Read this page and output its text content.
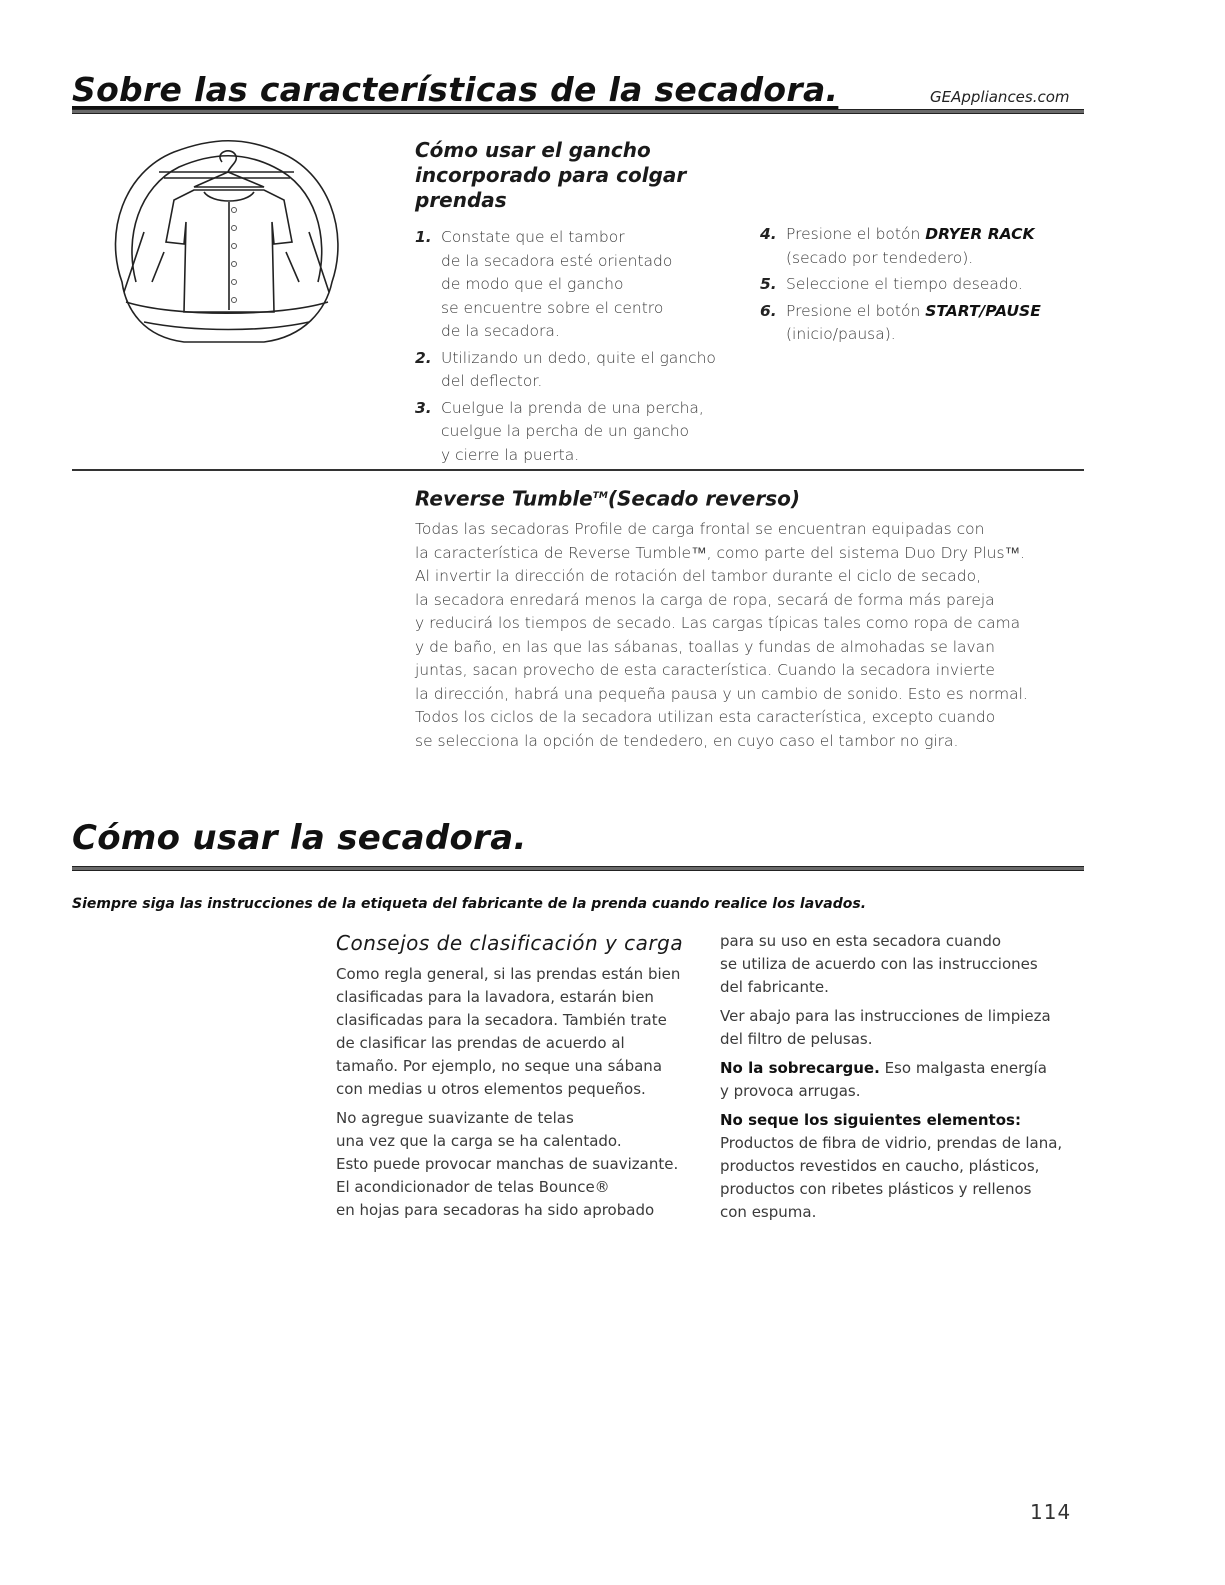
Sobre las características de la secadora.	GEAppliances.com
Cómo usar el gancho
incorporado para colgar
prendas
1. Constate que el tambor
de la secadora esté orientado
de modo que el gancho
se encuentre sobre el centro
de la secadora.
2. Utilizando un dedo, quite el gancho
del deflector.
3. Cuelgue la prenda de una percha,
cuelgue la percha de un gancho
y cierre la puerta.
4. Presione el botón DRYER RACK
(secado por tendedero).
5. Seleccione el tiempo deseado.
6. Presione el botón START/PAUSE
(inicio/pausa).
Reverse Tumble™(Secado reverso)
Todas las secadoras Profile de carga frontal se encuentran equipadas con
la característica de Reverse Tumble™, como parte del sistema Duo Dry Plus™.
Al invertir la dirección de rotación del tambor durante el ciclo de secado,
la secadora enredará menos la carga de ropa, secará de forma más pareja
y reducirá los tiempos de secado. Las cargas típicas tales como ropa de cama
y de baño, en las que las sábanas, toallas y fundas de almohadas se lavan
juntas, sacan provecho de esta característica. Cuando la secadora invierte
la dirección, habrá una pequeña pausa y un cambio de sonido. Esto es normal.
Todos los ciclos de la secadora utilizan esta característica, excepto cuando
se selecciona la opción de tendedero, en cuyo caso el tambor no gira.
Cómo usar la secadora.
Siempre siga las instrucciones de la etiqueta del fabricante de la prenda cuando realice los lavados.
Consejos de clasificación y carga
Como regla general, si las prendas están bien
clasificadas para la lavadora, estarán bien
clasificadas para la secadora. También trate
de clasificar las prendas de acuerdo al
tamaño. Por ejemplo, no seque una sábana
con medias u otros elementos pequeños.
No agregue suavizante de telas
una vez que la carga se ha calentado.
Esto puede provocar manchas de suavizante.
El acondicionador de telas Bounce®
en hojas para secadoras ha sido aprobado
para su uso en esta secadora cuando
se utiliza de acuerdo con las instrucciones
del fabricante.
Ver abajo para las instrucciones de limpieza
del filtro de pelusas.
No la sobrecargue. Eso malgasta energía
y provoca arrugas.
No seque los siguientes elementos:
Productos de fibra de vidrio, prendas de lana,
productos revestidos en caucho, plásticos,
productos con ribetes plásticos y rellenos
con espuma.
114
